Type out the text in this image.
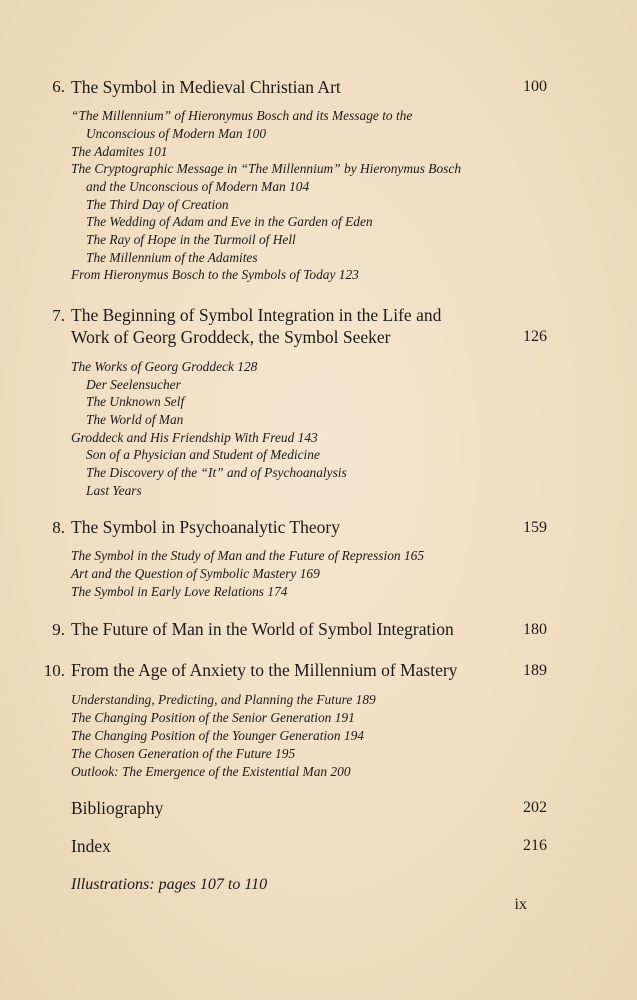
6. The Symbol in Medieval Christian Art	100
“The Millennium” of Hieronymus Bosch and its Message to the
Unconscious of Modern Man 100
The Adamites 101
The Cryptographic Message in “The Millennium” by Hieronymus Bosch
and the Unconscious of Modern Man 104
The Third Day of Creation
The Wedding of Adam and Eve in the Garden of Eden
The Ray of Hope in the Turmoil of Hell
The Millennium of the Adamites
From Hieronymus Bosch to the Symbols of Today 123
7. The Beginning of Symbol Integration in the Life and
Work of Georg Groddeck, the Symbol Seeker	126
The Works of Georg Groddeck 128
Der Seelensucher
The Unknown Self
The World of Man
Groddeck and His Friendship With Freud 143
Son of a Physician and Student of Medicine
The Discovery of the “It” and of Psychoanalysis
Last Years
8. The Symbol in Psychoanalytic Theory	159
The Symbol in the Study of Man and the Future of Repression 165
Art and the Question of Symbolic Mastery 169
The Symbol in Early Love Relations 174
9. The Future of Man in the World of Symbol Integration	180
10. From the Age of Anxiety to the Millennium of Mastery	189
Understanding, Predicting, and Planning the Future 189
The Changing Position of the Senior Generation 191
The Changing Position of the Younger Generation 194
The Chosen Generation of the Future 195
Outlook: The Emergence of the Existential Man 200
Bibliography	202
Index	216
Illustrations: pages 107 to 110
ix
